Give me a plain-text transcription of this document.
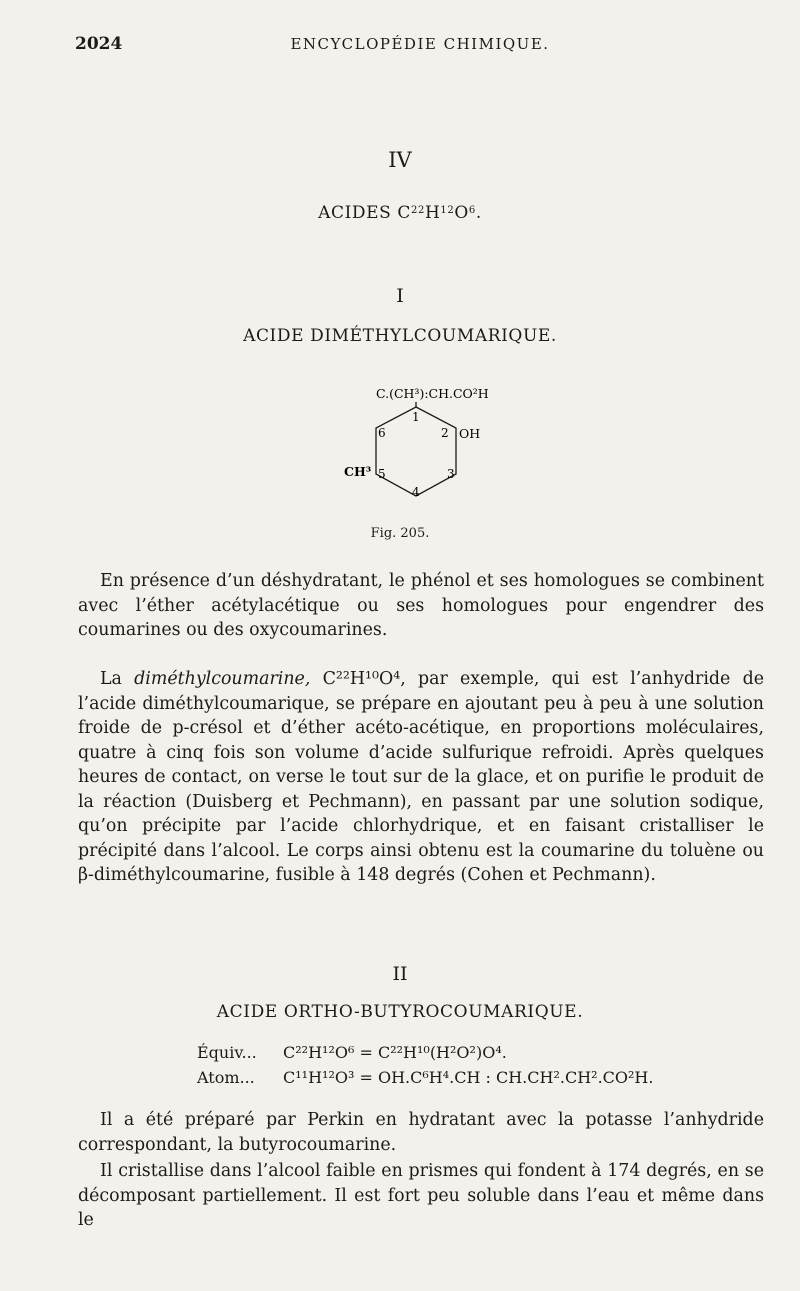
2024	ENCYCLOPÉDIE CHIMIQUE.
IV
ACIDES $C^{22}H^{12}O^6$.
I
ACIDE DIMÉTHYLCOUMARIQUE.
C.(CH³):CH.CO²H
1
2
3
4
5
6	OH
CH³
Fig. 205.

En présence d’un déshydratant, le phénol et ses homologues se combinent avec l’éther acétylacétique ou ses homologues pour engendrer des coumarines ou des oxycoumarines.

La diméthylcoumarine, C²²H¹⁰O⁴, par exemple, qui est l’anhydride de l’acide diméthylcoumarique, se prépare en ajoutant peu à peu à une solution froide de p-crésol et d’éther acéto-acétique, en proportions moléculaires, quatre à cinq fois son volume d’acide sulfurique refroidi. Après quelques heures de contact, on verse le tout sur de la glace, et on purifie le produit de la réaction (Duisberg et Pechmann), en passant par une solution sodique, qu’on précipite par l’acide chlorhydrique, et en faisant cristalliser le précipité dans l’alcool. Le corps ainsi obtenu est la coumarine du toluène ou β-diméthylcoumarine, fusible à 148 degrés (Cohen et Pechmann).

II
ACIDE ORTHO-BUTYROCOUMARIQUE.
Équiv... C²²H¹²O⁶ = C²²H¹⁰(H²O²)O⁴.
Atom... C¹¹H¹²O³ = OH.C⁶H⁴.CH : CH.CH².CH².CO²H.

Il a été préparé par Perkin en hydratant avec la potasse l’anhydride correspondant, la butyrocoumarine.

Il cristallise dans l’alcool faible en prismes qui fondent à 174 degrés, en se décomposant partiellement. Il est fort peu soluble dans l’eau et même dans le
